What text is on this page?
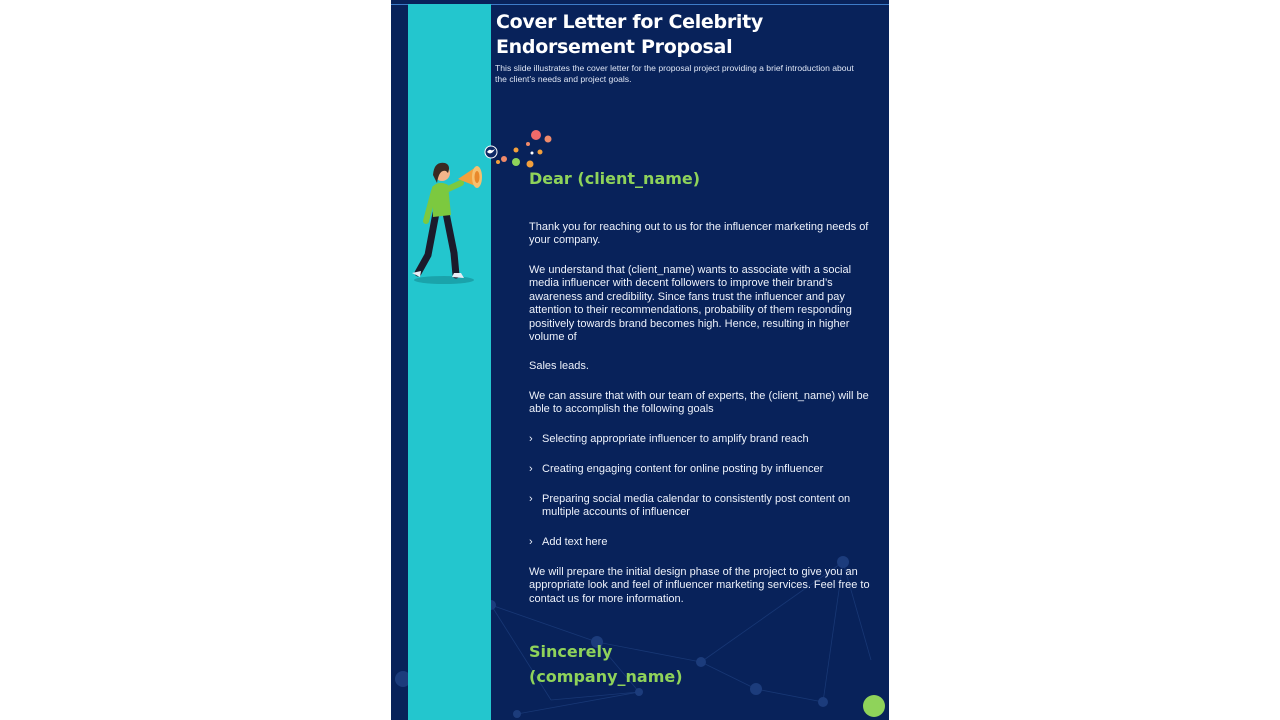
Cover Letter for Celebrity Endorsement Proposal

This slide illustrates the cover letter for the proposal project providing a brief introduction about the client’s needs and project goals.

Dear (client_name)

Thank you for reaching out to us for the influencer marketing needs of your company.

We understand that (client_name) wants to associate with a social media influencer with decent followers to improve their brand’s awareness and credibility. Since fans trust the influencer and pay attention to their recommendations, probability of them responding positively towards brand becomes high. Hence, resulting in higher volume of

Sales leads.

We can assure that with our team of experts, the (client_name) will be able to accomplish the following goals

› Selecting appropriate influencer to amplify brand reach
› Creating engaging content for online posting by influencer
› Preparing social media calendar to consistently post content on multiple accounts of influencer
› Add text here

We will prepare the initial design phase of the project to give you an appropriate look and feel of influencer marketing services. Feel free to contact us for more information.

Sincerely
(company_name)
